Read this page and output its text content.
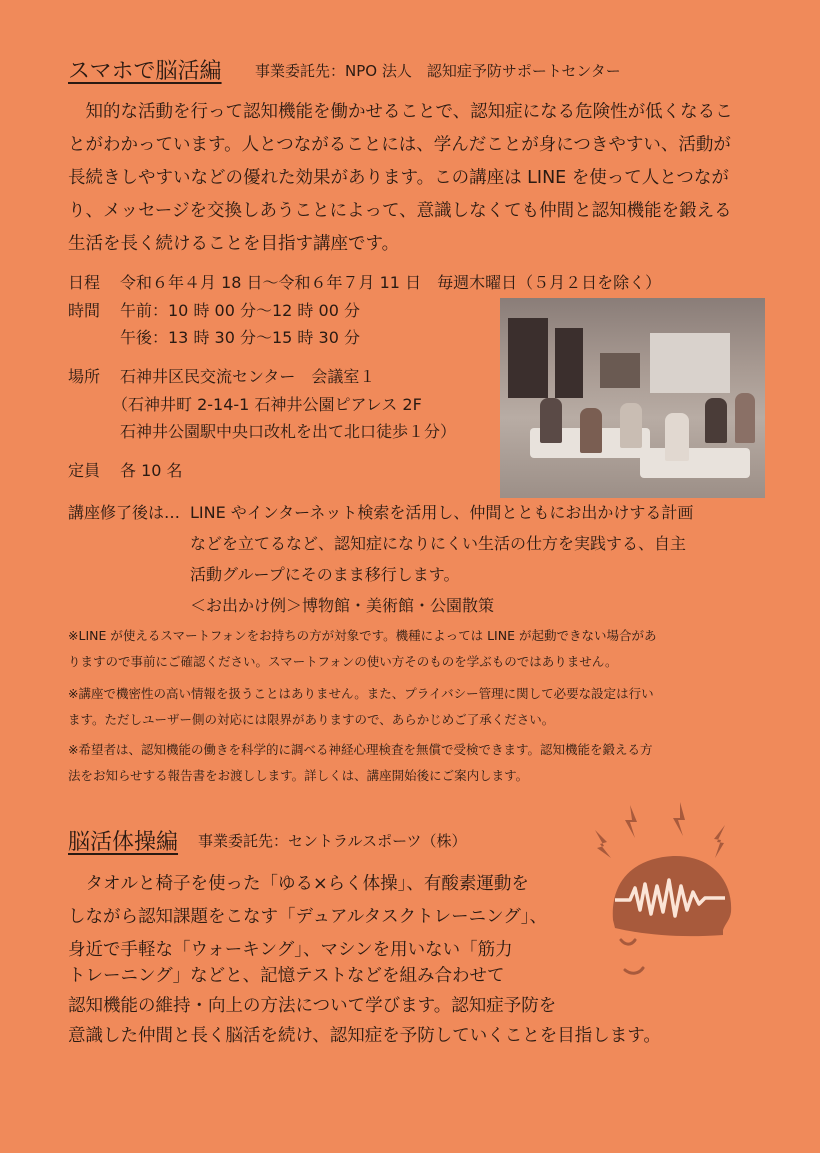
スマホで脳活編 事業委託先：NPO 法人　認知症予防サポートセンター
　知的な活動を行って認知機能を働かせることで、認知症になる危険性が低くなるこ
とがわかっています。人とつながることには、学んだことが身につきやすい、活動が
長続きしやすいなどの優れた効果があります。この講座は LINE を使って人とつなが
り、メッセージを交換しあうことによって、意識しなくても仲間と認知機能を鍛える
生活を長く続けることを目指す講座です。
日程 令和６年４月 18 日～令和６年７月 11 日　毎週木曜日（５月２日を除く）
時間 午前：10 時 00 分～12 時 00 分
午後：13 時 30 分～15 時 30 分
場所 石神井区民交流センター　会議室１
（石神井町 2-14-1 石神井公園ピアレス 2F
石神井公園駅中央口改札を出て北口徒歩１分）
定員 各 10 名
講座修了後は… LINE やインターネット検索を活用し、仲間とともにお出かけする計画
などを立てるなど、認知症になりにくい生活の仕方を実践する、自主
活動グループにそのまま移行します。
＜お出かけ例＞博物館・美術館・公園散策
※LINE が使えるスマートフォンをお持ちの方が対象です。機種によっては LINE が起動できない場合があ
りますので事前にご確認ください。スマートフォンの使い方そのものを学ぶものではありません。
※講座で機密性の高い情報を扱うことはありません。また、プライバシー管理に関して必要な設定は行い
ます。ただしユーザー側の対応には限界がありますので、あらかじめご了承ください。
※希望者は、認知機能の働きを科学的に調べる神経心理検査を無償で受検できます。認知機能を鍛える方
法をお知らせする報告書をお渡しします。詳しくは、講座開始後にご案内します。
脳活体操編 事業委託先：セントラルスポーツ（株）
　タオルと椅子を使った「ゆる×らく体操」、有酸素運動を
しながら認知課題をこなす「デュアルタスクトレーニング」、
身近で手軽な「ウォーキング」、マシンを用いない「筋力
トレーニング」などと、記憶テストなどを組み合わせて
認知機能の維持・向上の方法について学びます。認知症予防を
意識した仲間と長く脳活を続け、認知症を予防していくことを目指します。
